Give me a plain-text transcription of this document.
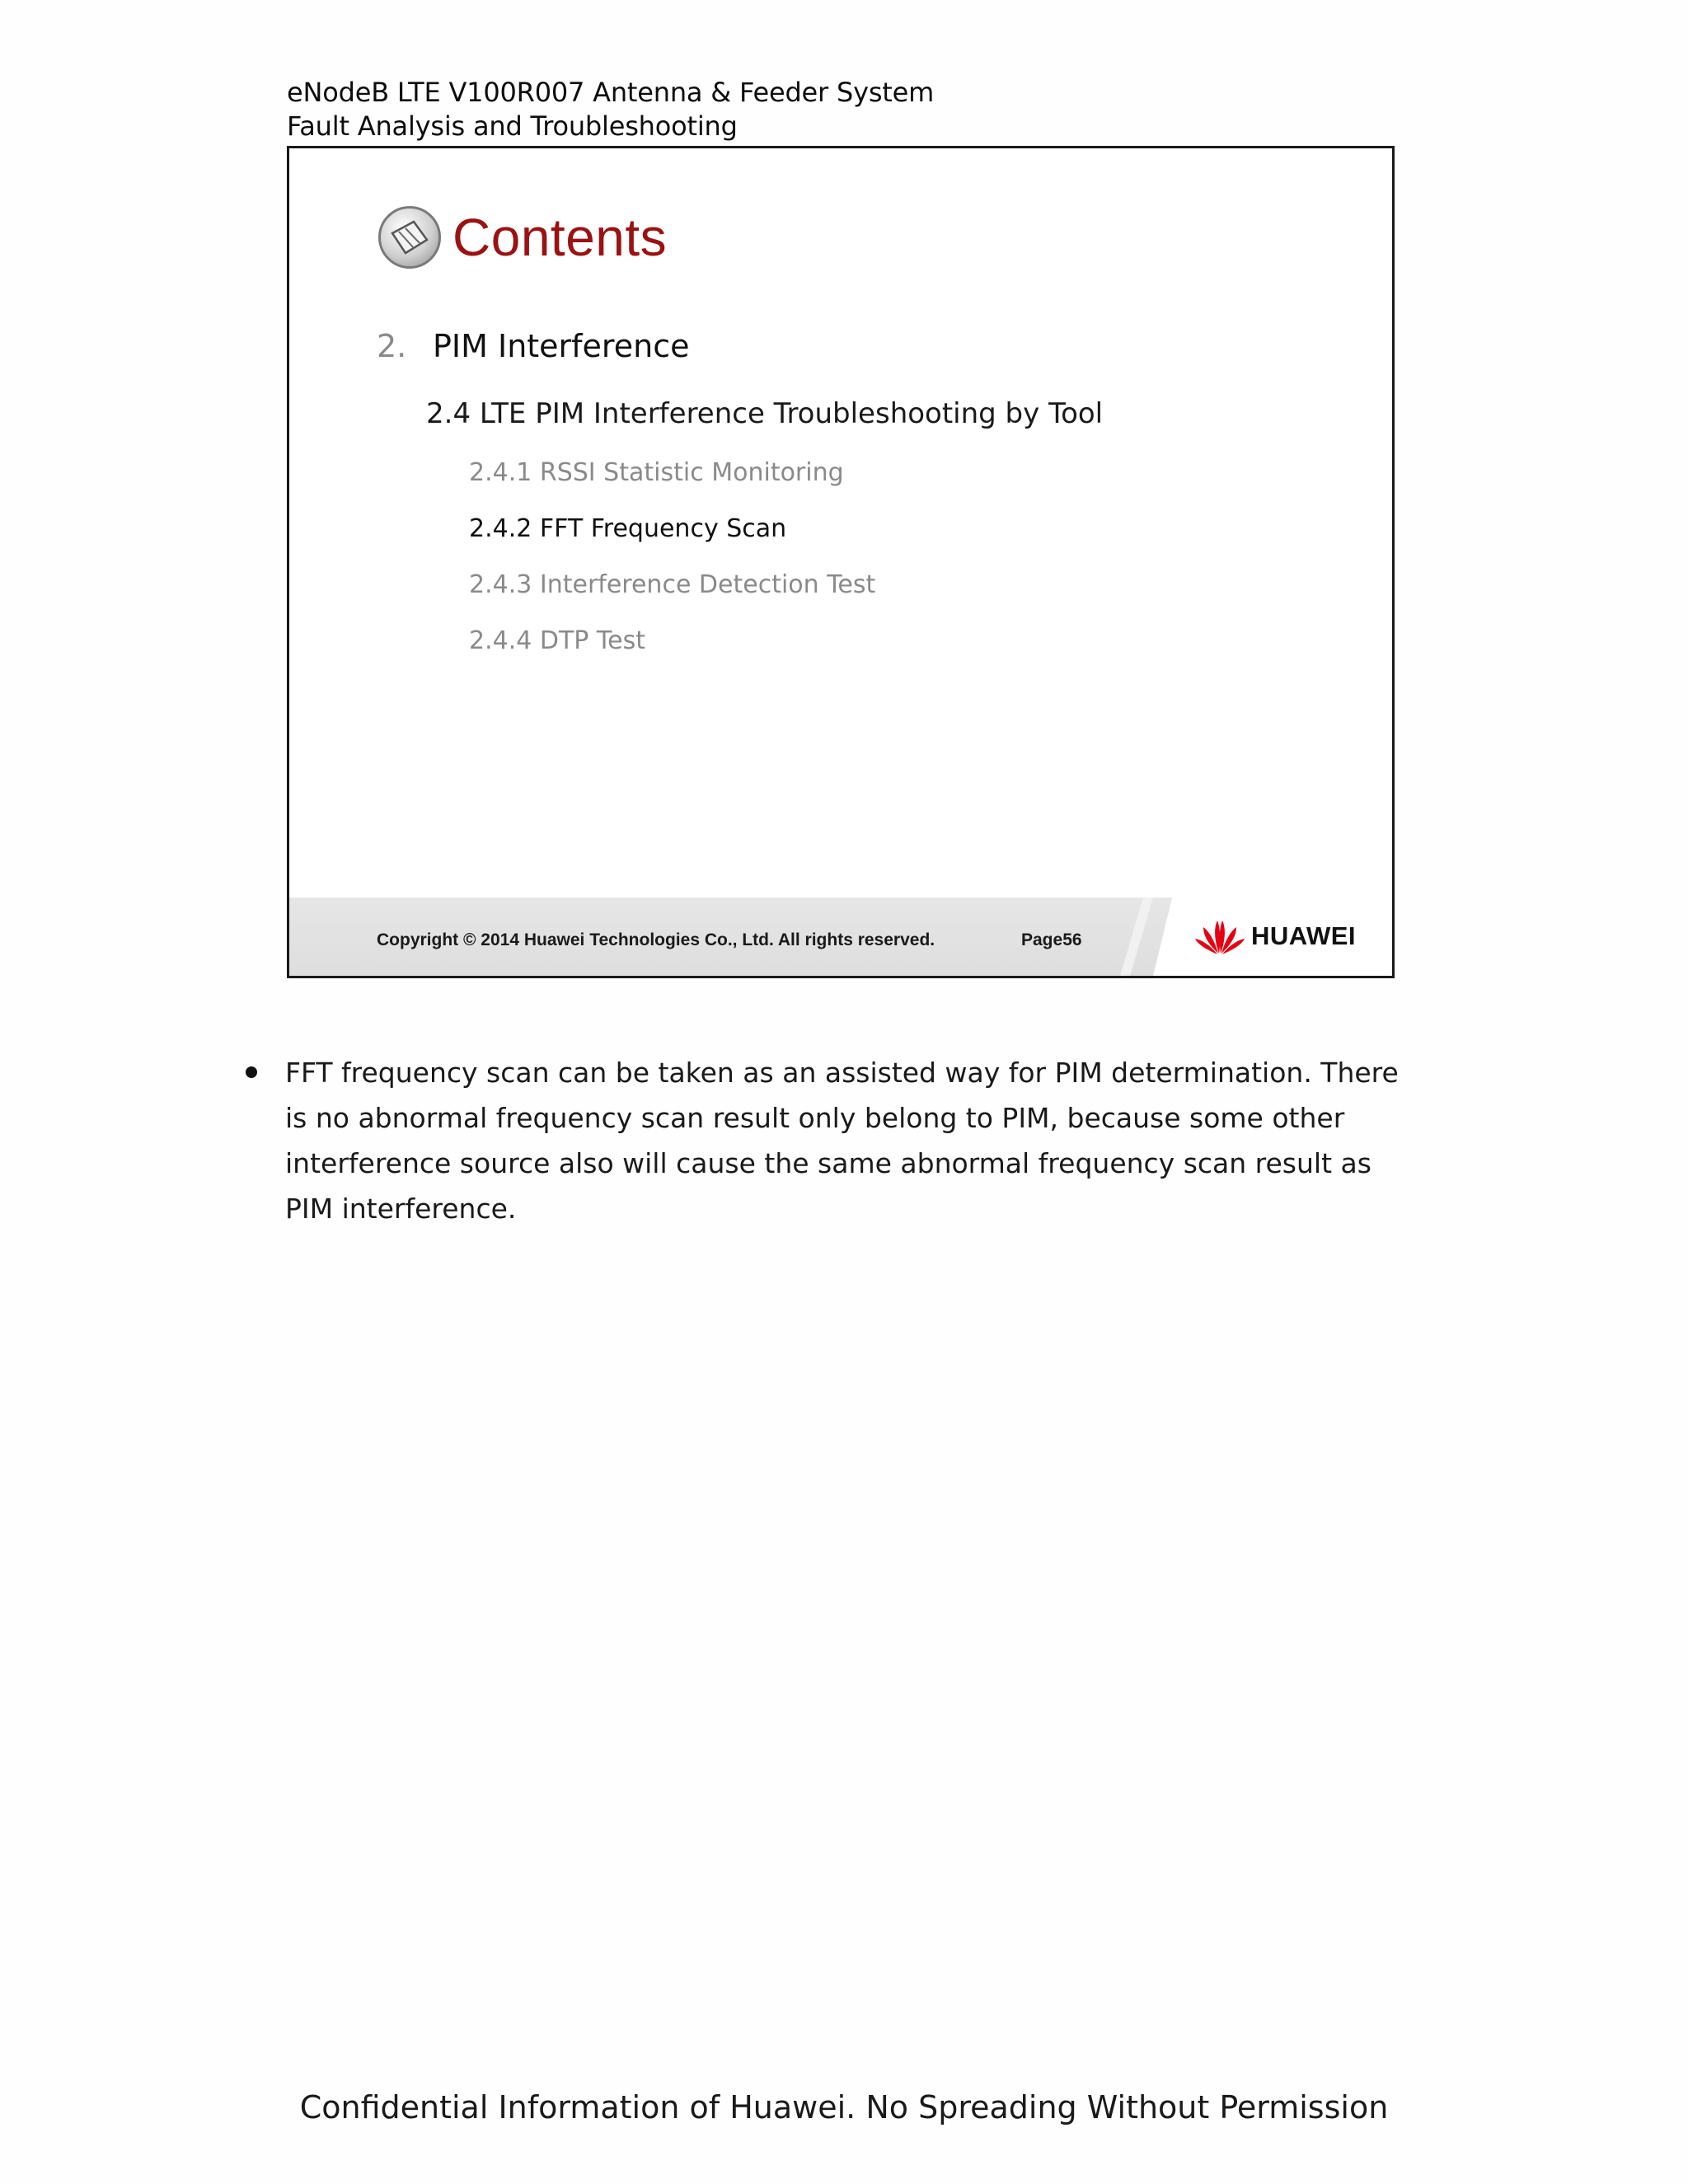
eNodeB LTE V100R007 Antenna & Feeder System
Fault Analysis and Troubleshooting
Contents
2. PIM Interference
2.4 LTE PIM Interference Troubleshooting by Tool
2.4.1 RSSI Statistic Monitoring
2.4.2 FFT Frequency Scan
2.4.3 Interference Detection Test
2.4.4 DTP Test
Copyright © 2014 Huawei Technologies Co., Ltd. All rights reserved.	Page56	HUAWEI
FFT frequency scan can be taken as an assisted way for PIM determination. There is no abnormal frequency scan result only belong to PIM, because some other interference source also will cause the same abnormal frequency scan result as PIM interference.
Confidential Information of Huawei. No Spreading Without Permission
